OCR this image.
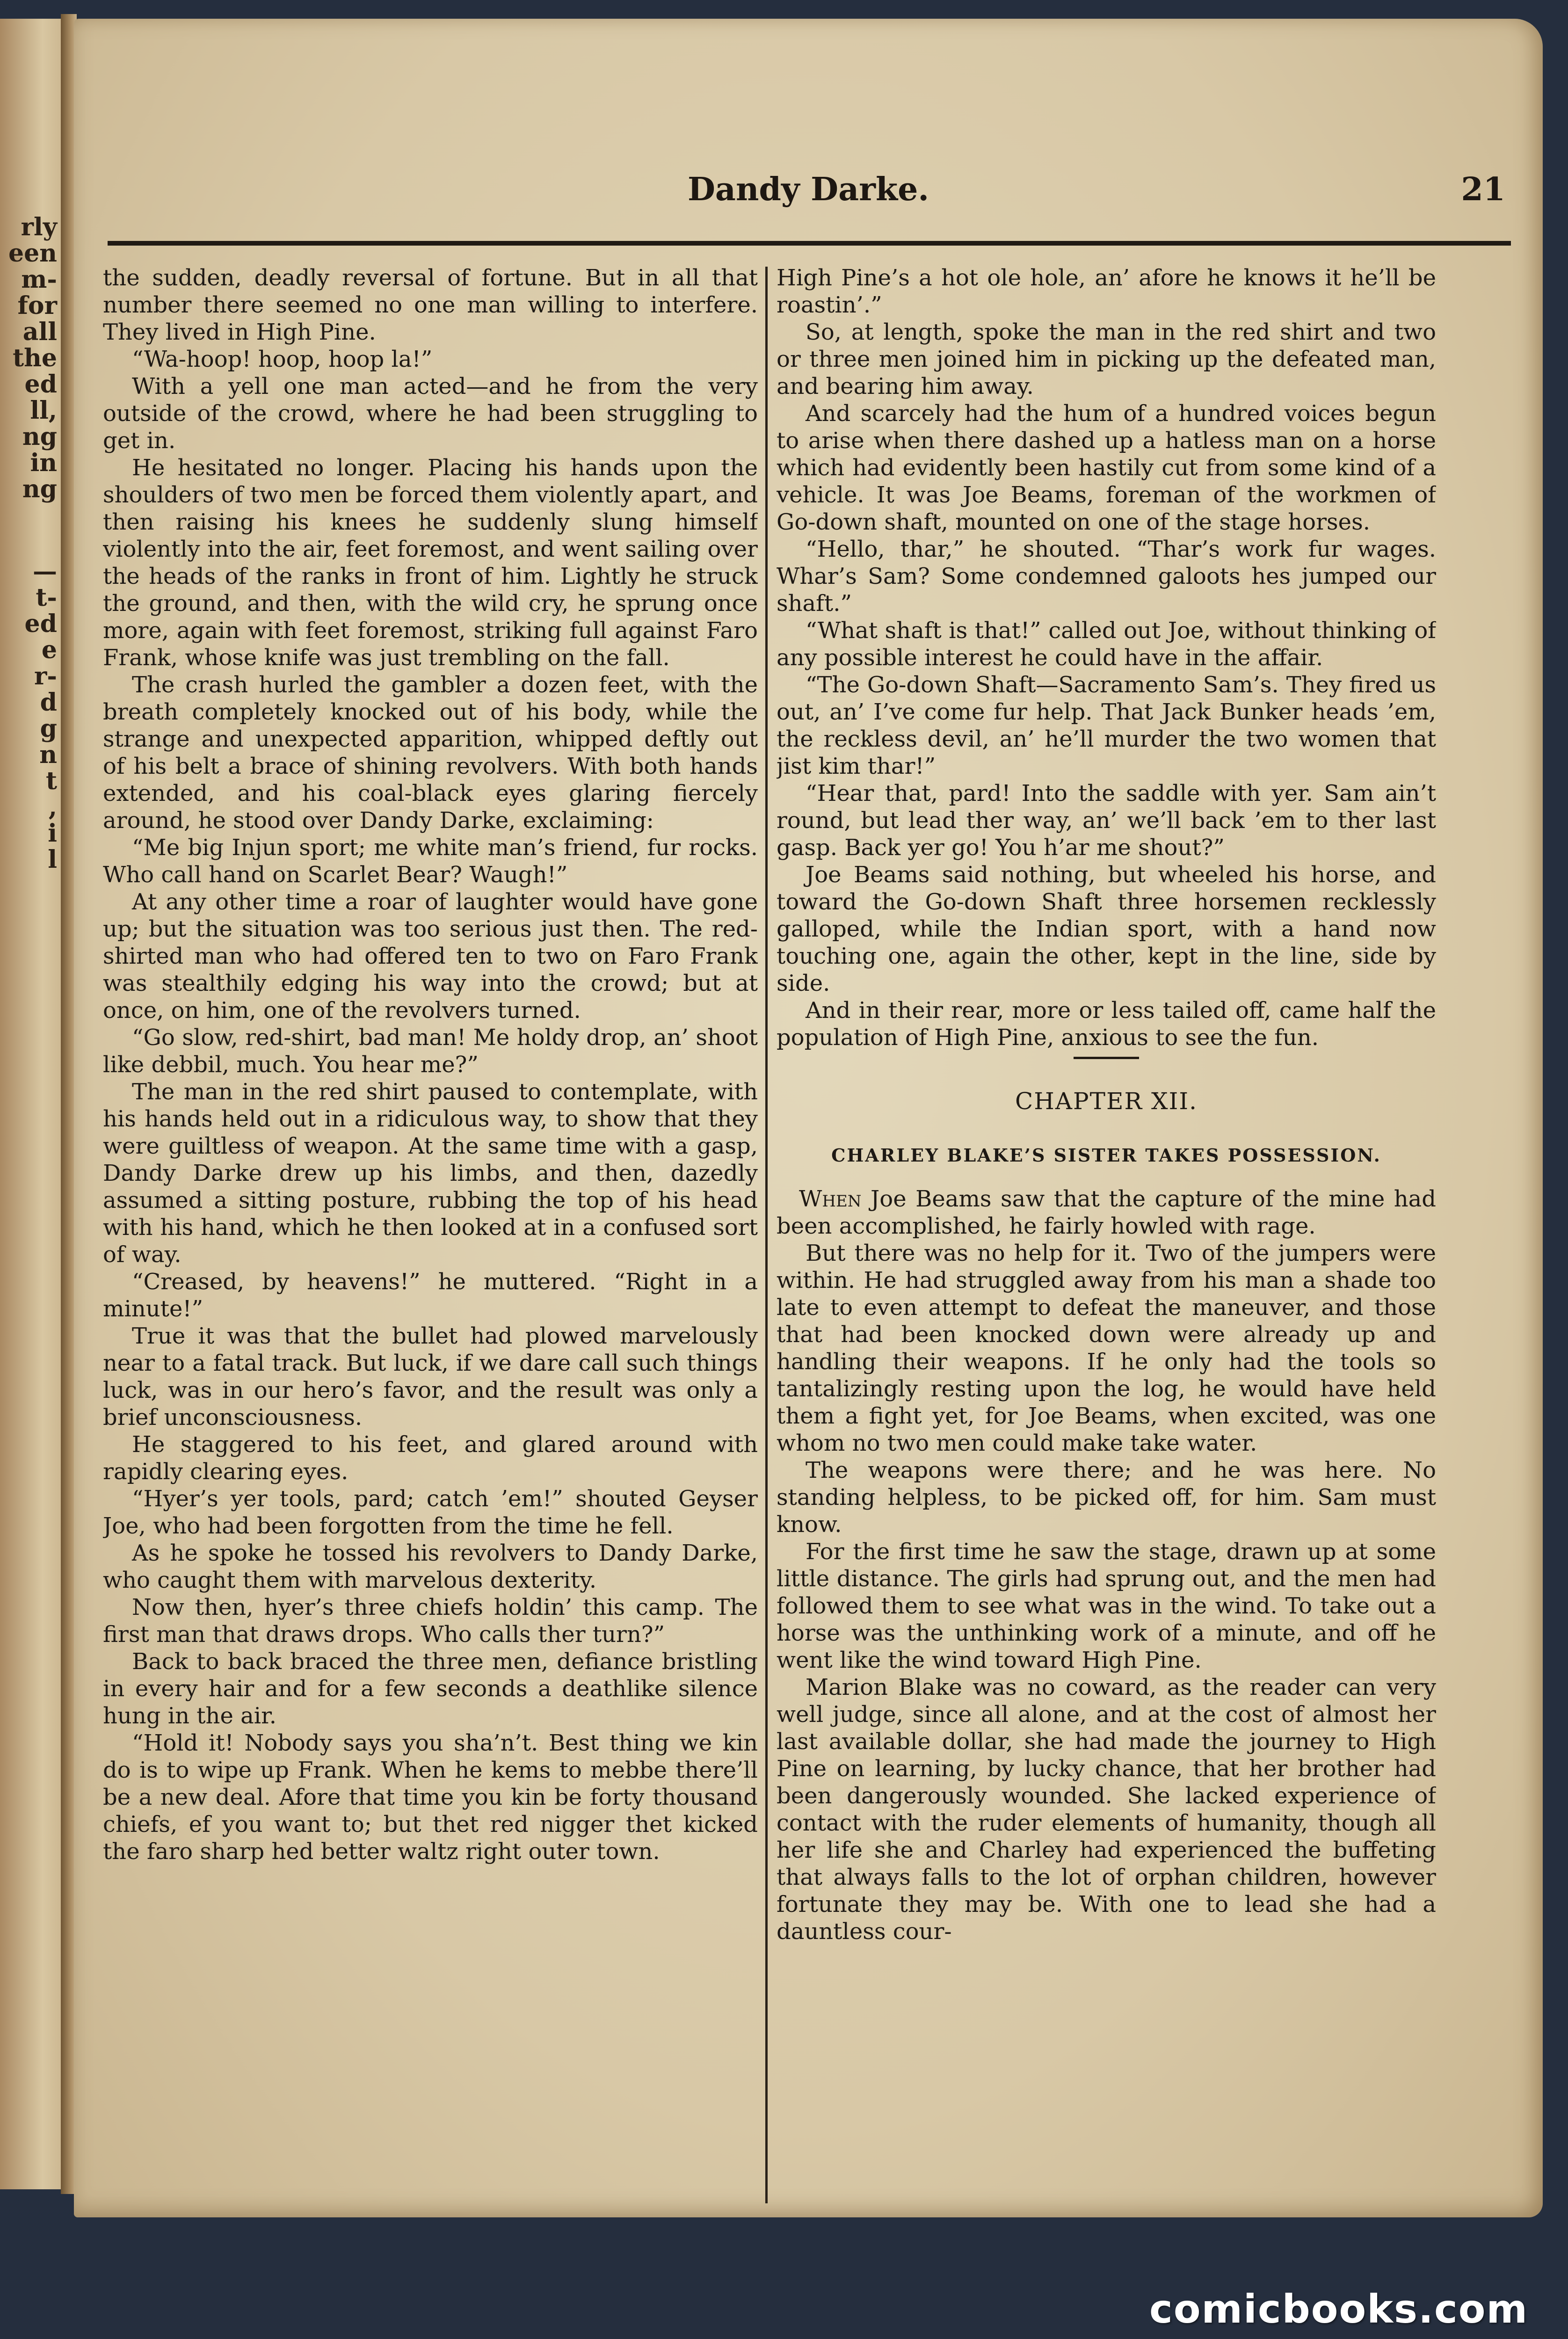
rly
een
m-
for
all
the
ed
ll,
ng
in
ng
—
t-
ed
e
r-
d
g
n
t
,
i
l
Dandy Darke.	21

the sudden, deadly reversal of fortune. But in all that number there seemed no one man willing to interfere. They lived in High Pine.

“Wa-hoop! hoop, hoop la!”

With a yell one man acted—and he from the very outside of the crowd, where he had been struggling to get in.

He hesitated no longer. Placing his hands upon the shoulders of two men be forced them violently apart, and then raising his knees he suddenly slung himself violently into the air, feet foremost, and went sailing over the heads of the ranks in front of him. Lightly he struck the ground, and then, with the wild cry, he sprung once more, again with feet foremost, striking full against Faro Frank, whose knife was just trembling on the fall.

The crash hurled the gambler a dozen feet, with the breath completely knocked out of his body, while the strange and unexpected apparition, whipped deftly out of his belt a brace of shining revolvers. With both hands extended, and his coal-black eyes glaring fiercely around, he stood over Dandy Darke, exclaiming:

“Me big Injun sport; me white man’s friend, fur rocks. Who call hand on Scarlet Bear? Waugh!”

At any other time a roar of laughter would have gone up; but the situation was too serious just then. The red-shirted man who had offered ten to two on Faro Frank was stealthily edging his way into the crowd; but at once, on him, one of the revolvers turned.

“Go slow, red-shirt, bad man! Me holdy drop, an’ shoot like debbil, much. You hear me?”

The man in the red shirt paused to contemplate, with his hands held out in a ridiculous way, to show that they were guiltless of weapon. At the same time with a gasp, Dandy Darke drew up his limbs, and then, dazedly assumed a sitting posture, rubbing the top of his head with his hand, which he then looked at in a confused sort of way.

“Creased, by heavens!” he muttered. “Right in a minute!”

True it was that the bullet had plowed marvelously near to a fatal track. But luck, if we dare call such things luck, was in our hero’s favor, and the result was only a brief unconsciousness.

He staggered to his feet, and glared around with rapidly clearing eyes.

“Hyer’s yer tools, pard; catch ’em!” shouted Geyser Joe, who had been forgotten from the time he fell.

As he spoke he tossed his revolvers to Dandy Darke, who caught them with marvelous dexterity.

Now then, hyer’s three chiefs holdin’ this camp. The first man that draws drops. Who calls ther turn?”

Back to back braced the three men, defiance bristling in every hair and for a few seconds a deathlike silence hung in the air.

“Hold it! Nobody says you sha’n’t. Best thing we kin do is to wipe up Frank. When he kems to mebbe there’ll be a new deal. Afore that time you kin be forty thousand chiefs, ef you want to; but thet red nigger thet kicked the faro sharp hed better waltz right outer town.

High Pine’s a hot ole hole, an’ afore he knows it he’ll be roastin’.”

So, at length, spoke the man in the red shirt and two or three men joined him in picking up the defeated man, and bearing him away.

And scarcely had the hum of a hundred voices begun to arise when there dashed up a hatless man on a horse which had evidently been hastily cut from some kind of a vehicle. It was Joe Beams, foreman of the workmen of Go-down shaft, mounted on one of the stage horses.

“Hello, thar,” he shouted. “Thar’s work fur wages. Whar’s Sam? Some condemned galoots hes jumped our shaft.”

“What shaft is that!” called out Joe, without thinking of any possible interest he could have in the affair.

“The Go-down Shaft—Sacramento Sam’s. They fired us out, an’ I’ve come fur help. That Jack Bunker heads ’em, the reckless devil, an’ he’ll murder the two women that jist kim thar!”

“Hear that, pard! Into the saddle with yer. Sam ain’t round, but lead ther way, an’ we’ll back ’em to ther last gasp. Back yer go! You h’ar me shout?”

Joe Beams said nothing, but wheeled his horse, and toward the Go-down Shaft three horsemen recklessly galloped, while the Indian sport, with a hand now touching one, again the other, kept in the line, side by side.

And in their rear, more or less tailed off, came half the population of High Pine, anxious to see the fun.

CHAPTER XII.
CHARLEY BLAKE’S SISTER TAKES POSSESSION.

 When Joe Beams saw that the capture of the mine had been accomplished, he fairly howled with rage.

But there was no help for it. Two of the jumpers were within. He had struggled away from his man a shade too late to even attempt to defeat the maneuver, and those that had been knocked down were already up and handling their weapons. If he only had the tools so tantalizingly resting upon the log, he would have held them a fight yet, for Joe Beams, when excited, was one whom no two men could make take water.

The weapons were there; and he was here. No standing helpless, to be picked off, for him. Sam must know.

For the first time he saw the stage, drawn up at some little distance. The girls had sprung out, and the men had followed them to see what was in the wind. To take out a horse was the unthinking work of a minute, and off he went like the wind toward High Pine.

Marion Blake was no coward, as the reader can very well judge, since all alone, and at the cost of almost her last available dollar, she had made the journey to High Pine on learning, by lucky chance, that her brother had been dangerously wounded. She lacked experience of contact with the ruder elements of humanity, though all her life she and Charley had experienced the buffeting that always falls to the lot of orphan children, however fortunate they may be. With one to lead she had a dauntless cour-

comicbooks.com
